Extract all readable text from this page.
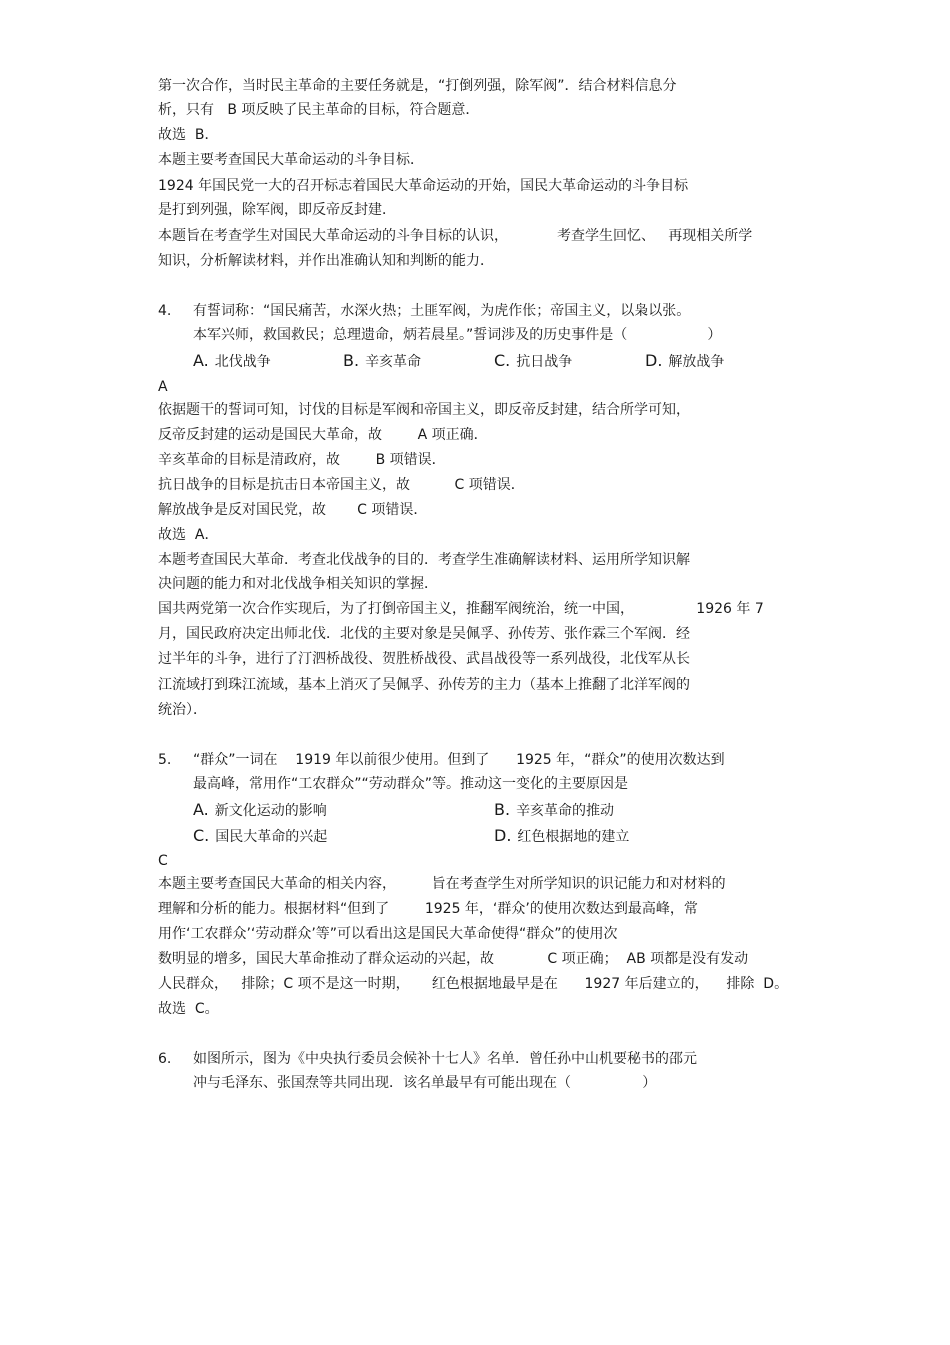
第一次合作，当时民主革命的主要任务就是，“打倒列强，除军阀”．结合材料信息分
析，只有   B 项反映了民主革命的目标，符合题意．
故选  B．
本题主要考查国民大革命运动的斗争目标．
1924 年国民党一大的召开标志着国民大革命运动的开始，国民大革命运动的斗争目标
是打到列强，除军阀，即反帝反封建．
本题旨在考查学生对国民大革命运动的斗争目标的认识，           考查学生回忆、   再现相关所学
知识，分析解读材料，并作出准确认知和判断的能力．
4. 有誓词称：“国民痛苦，水深火热；土匪军阀，为虎作伥；帝国主义，以枭以张。
本军兴师，救国救民；总理遗命，炳若晨星。”誓词涉及的历史事件是（                  ）
A. 北伐战争	B. 辛亥革命	C. 抗日战争	D. 解放战争
A
依据题干的誓词可知，讨伐的目标是军阀和帝国主义，即反帝反封建，结合所学可知，
反帝反封建的运动是国民大革命，故        A 项正确．
辛亥革命的目标是清政府，故        B 项错误．
抗日战争的目标是抗击日本帝国主义，故          C 项错误．
解放战争是反对国民党，故       C 项错误．
故选  A．
本题考查国民大革命．考查北伐战争的目的．考查学生准确解读材料、运用所学知识解
决问题的能力和对北伐战争相关知识的掌握．
国共两党第一次合作实现后，为了打倒帝国主义，推翻军阀统治，统一中国，              1926 年 7
月，国民政府决定出师北伐．北伐的主要对象是吴佩孚、孙传芳、张作霖三个军阀．经
过半年的斗争，进行了汀泗桥战役、贺胜桥战役、武昌战役等一系列战役，北伐军从长
江流域打到珠江流域，基本上消灭了吴佩孚、孙传芳的主力（基本上推翻了北洋军阀的
统治）．
5. “群众”一词在    1919 年以前很少使用。但到了      1925 年，“群众”的使用次数达到
最高峰，常用作“工农群众”“劳动群众”等。推动这一变化的主要原因是
A. 新文化运动的影响	B. 辛亥革命的推动
C. 国民大革命的兴起	D. 红色根据地的建立
C
本题主要考查国民大革命的相关内容，        旨在考查学生对所学知识的识记能力和对材料的
理解和分析的能力。根据材料“但到了        1925 年，‘群众’的使用次数达到最高峰，常
用作‘工农群众’‘劳动群众’等”可以看出这是国民大革命使得“群众”的使用次
数明显的增多，国民大革命推动了群众运动的兴起，故            C 项正确；  AB 项都是没有发动
人民群众，   排除；C 项不是这一时期，     红色根据地最早是在      1927 年后建立的，    排除  D。
故选  C。
6. 如图所示，图为《中央执行委员会候补十七人》名单．曾任孙中山机要秘书的邵元
冲与毛泽东、张国焘等共同出现．该名单最早有可能出现在（                ）
